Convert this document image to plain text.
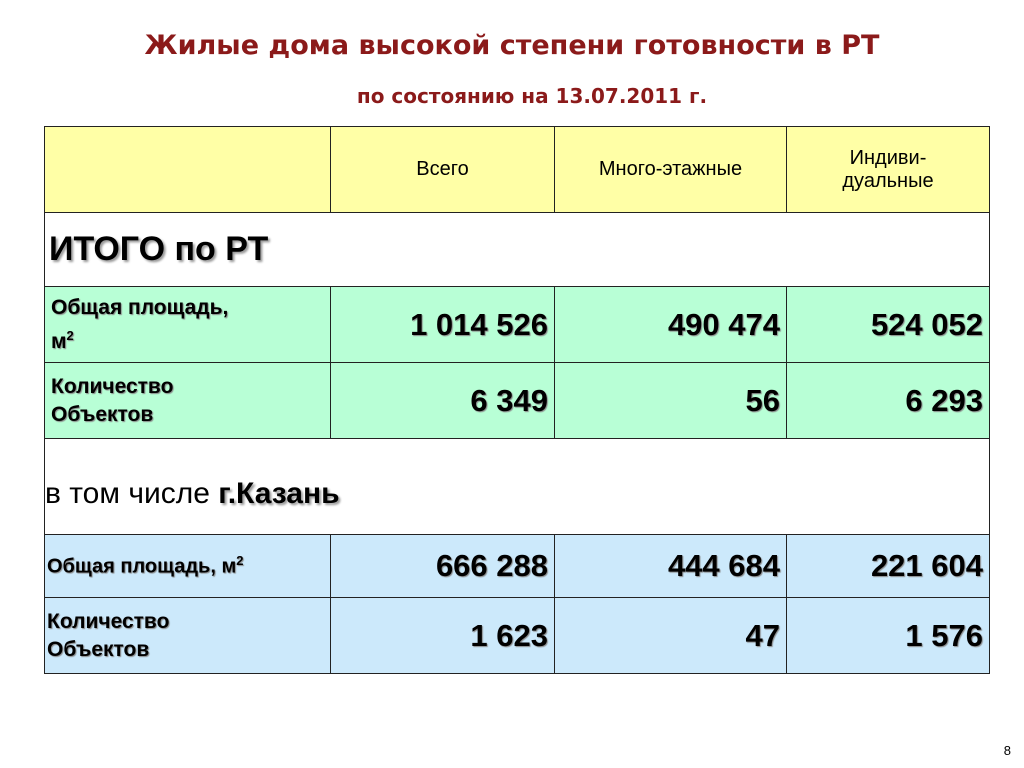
Жилые дома высокой степени готовности в РТ
по состоянию на 13.07.2011 г.
	Всего	Много-этажные	Индиви-
дуальные
ИТОГО по РТ			
Общая площадь,
$м^2$	1 014 526	490 474	524 052
Количество
Объектов	6 349	56	6 293
в том числе г.Казань			
Общая площадь, $м^2$	666 288	444 684	221 604
Количество
Объектов	1 623	47	1 576
8
